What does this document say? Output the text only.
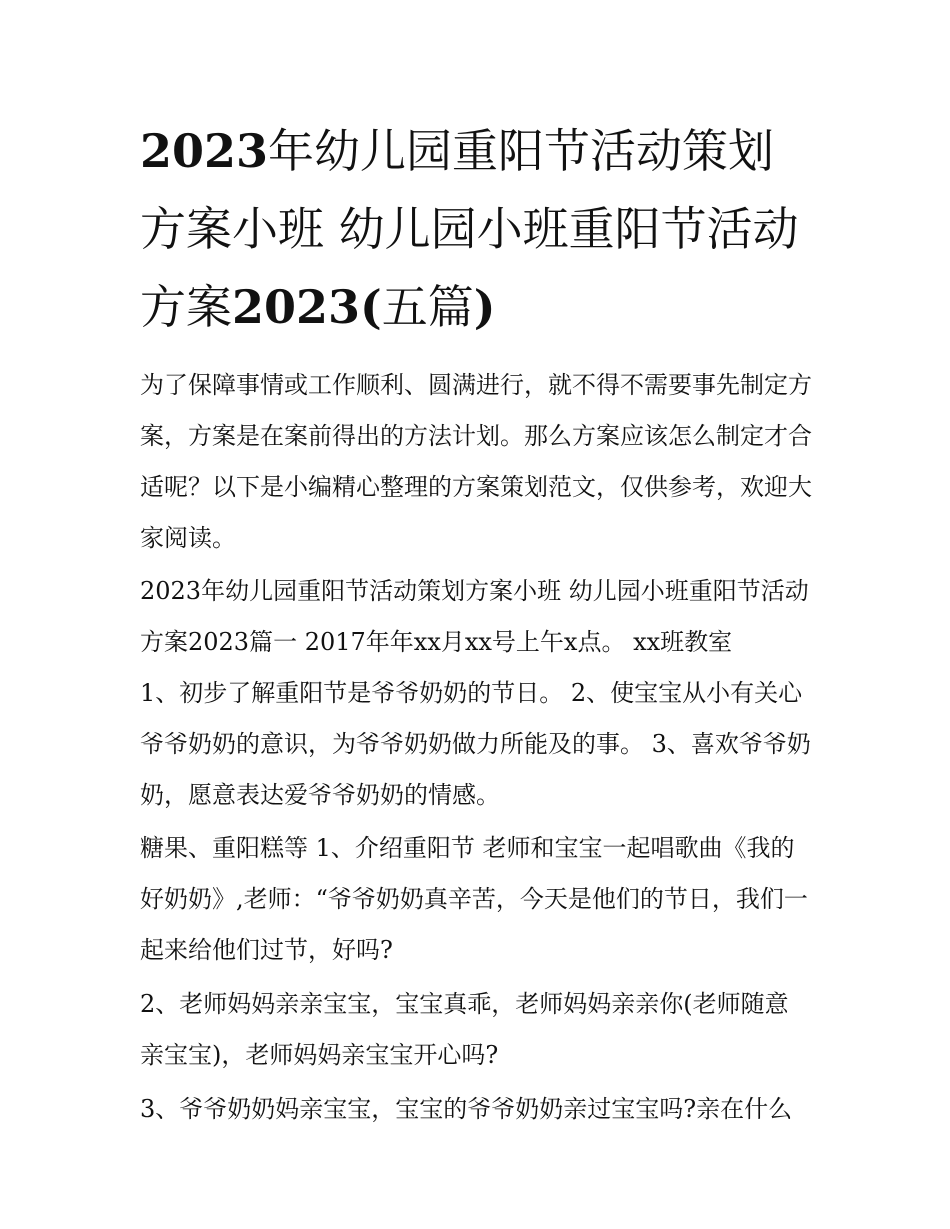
2023年幼儿园重阳节活动策划方案小班 幼儿园小班重阳节活动方案2023(五篇)

为了保障事情或工作顺利、圆满进行，就不得不需要事先制定方案，方案是在案前得出的方法计划。那么方案应该怎么制定才合适呢？以下是小编精心整理的方案策划范文，仅供参考，欢迎大家阅读。

2023年幼儿园重阳节活动策划方案小班 幼儿园小班重阳节活动方案2023篇一 2017年年xx月xx号上午x点。 xx班教室

1、初步了解重阳节是爷爷奶奶的节日。 2、使宝宝从小有关心爷爷奶奶的意识，为爷爷奶奶做力所能及的事。 3、喜欢爷爷奶奶，愿意表达爱爷爷奶奶的情感。

糖果、重阳糕等 1、介绍重阳节 老师和宝宝一起唱歌曲《我的好奶奶》,老师：“爷爷奶奶真辛苦，今天是他们的节日，我们一起来给他们过节，好吗?

2、老师妈妈亲亲宝宝，宝宝真乖，老师妈妈亲亲你(老师随意亲宝宝)，老师妈妈亲宝宝开心吗?

3、爷爷奶奶妈亲宝宝，宝宝的爷爷奶奶亲过宝宝吗?亲在什么
